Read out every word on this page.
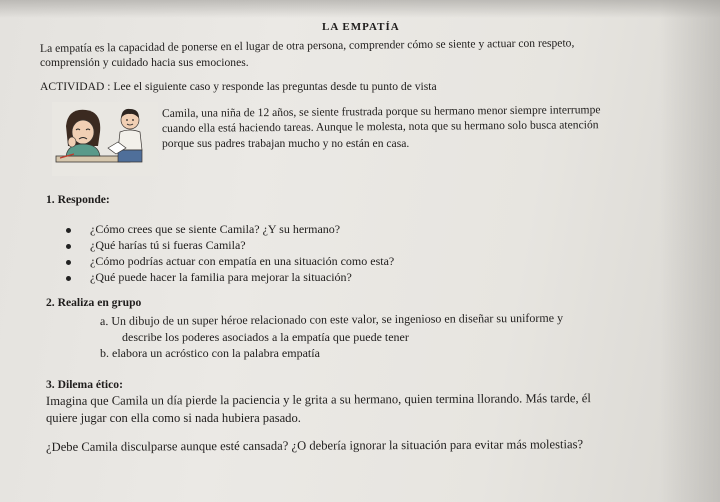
LA EMPATÍA
La empatía es la capacidad de ponerse en el lugar de otra persona, comprender cómo se siente y actuar con respeto,
comprensión y cuidado hacia sus emociones.
ACTIVIDAD : Lee el siguiente caso y responde las preguntas desde tu punto de vista
Camila, una niña de 12 años, se siente frustrada porque su hermano menor siempre interrumpe
cuando ella está haciendo tareas. Aunque le molesta, nota que su hermano solo busca atención
porque sus padres trabajan mucho y no están en casa.
1. Responde:
¿Cómo crees que se siente Camila? ¿Y su hermano?
¿Qué harías tú si fueras Camila?
¿Cómo podrías actuar con empatía en una situación como esta?
¿Qué puede hacer la familia para mejorar la situación?
2. Realiza en grupo
a. Un dibujo de un super héroe relacionado con este valor, se ingenioso en diseñar su uniforme y
describe los poderes asociados a la empatía que puede tener
b. elabora un acróstico con la palabra empatía
3. Dilema ético:
Imagina que Camila un día pierde la paciencia y le grita a su hermano, quien termina llorando. Más tarde, él
quiere jugar con ella como si nada hubiera pasado.
¿Debe Camila disculparse aunque esté cansada? ¿O debería ignorar la situación para evitar más molestias?
